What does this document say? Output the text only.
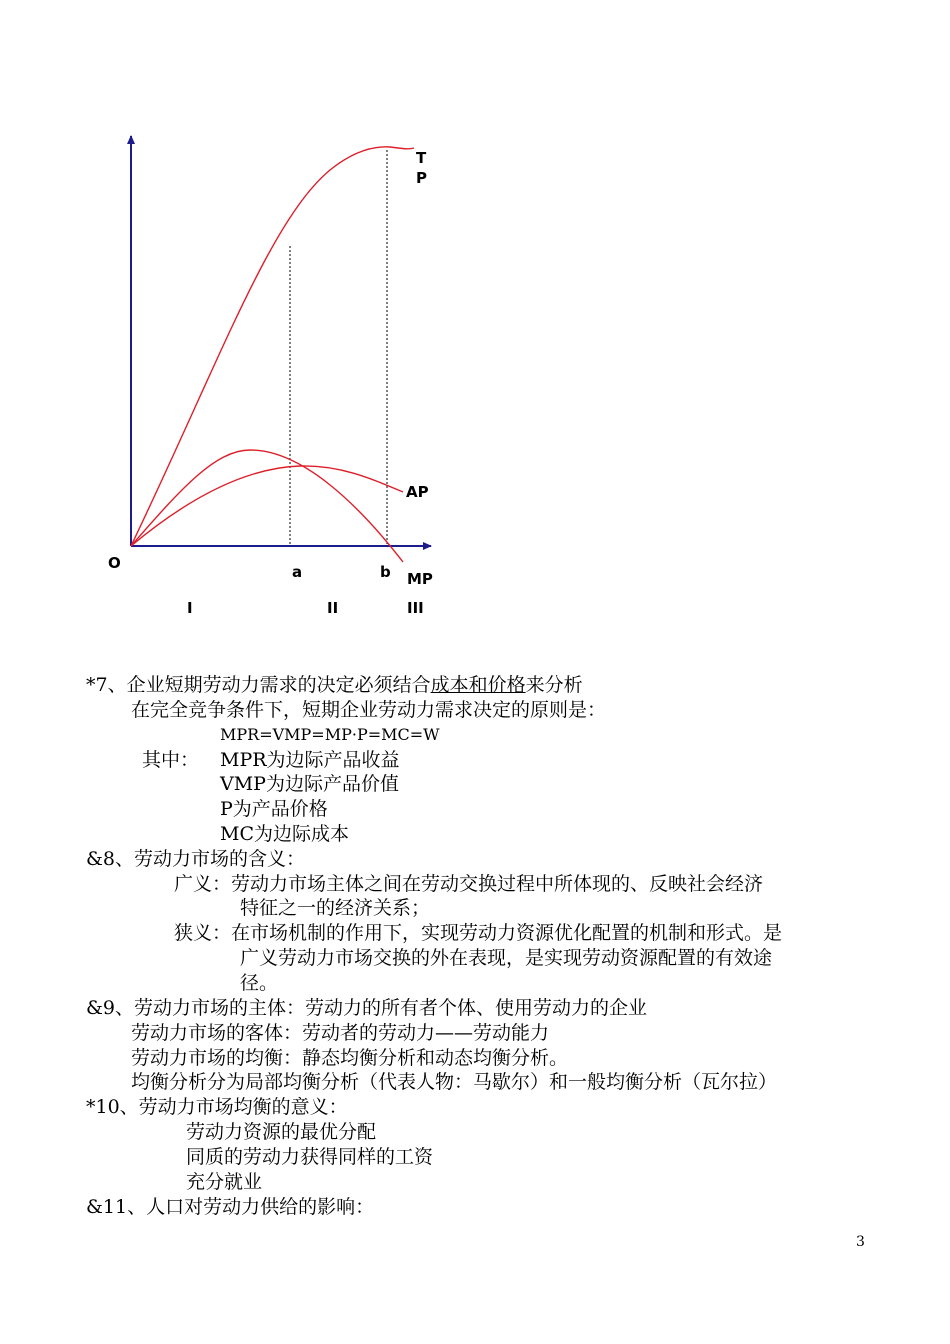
T
P
AP
MP
O	a	b
I	II	III
*7、企业短期劳动力需求的决定必须结合成本和价格来分析
在完全竞争条件下，短期企业劳动力需求决定的原则是：
MPR=VMP=MP·P=MC=W
其中： MPR为边际产品收益
VMP为边际产品价值
P为产品价格
MC为边际成本
&8、劳动力市场的含义：
广义：劳动力市场主体之间在劳动交换过程中所体现的、反映社会经济
特征之一的经济关系；
狭义：在市场机制的作用下，实现劳动力资源优化配置的机制和形式。是
广义劳动力市场交换的外在表现，是实现劳动资源配置的有效途
径。
&9、劳动力市场的主体：劳动力的所有者个体、使用劳动力的企业
劳动力市场的客体：劳动者的劳动力——劳动能力
劳动力市场的均衡：静态均衡分析和动态均衡分析。
均衡分析分为局部均衡分析（代表人物：马歇尔）和一般均衡分析（瓦尔拉）
*10、劳动力市场均衡的意义：
劳动力资源的最优分配
同质的劳动力获得同样的工资
充分就业
&11、人口对劳动力供给的影响：
3
